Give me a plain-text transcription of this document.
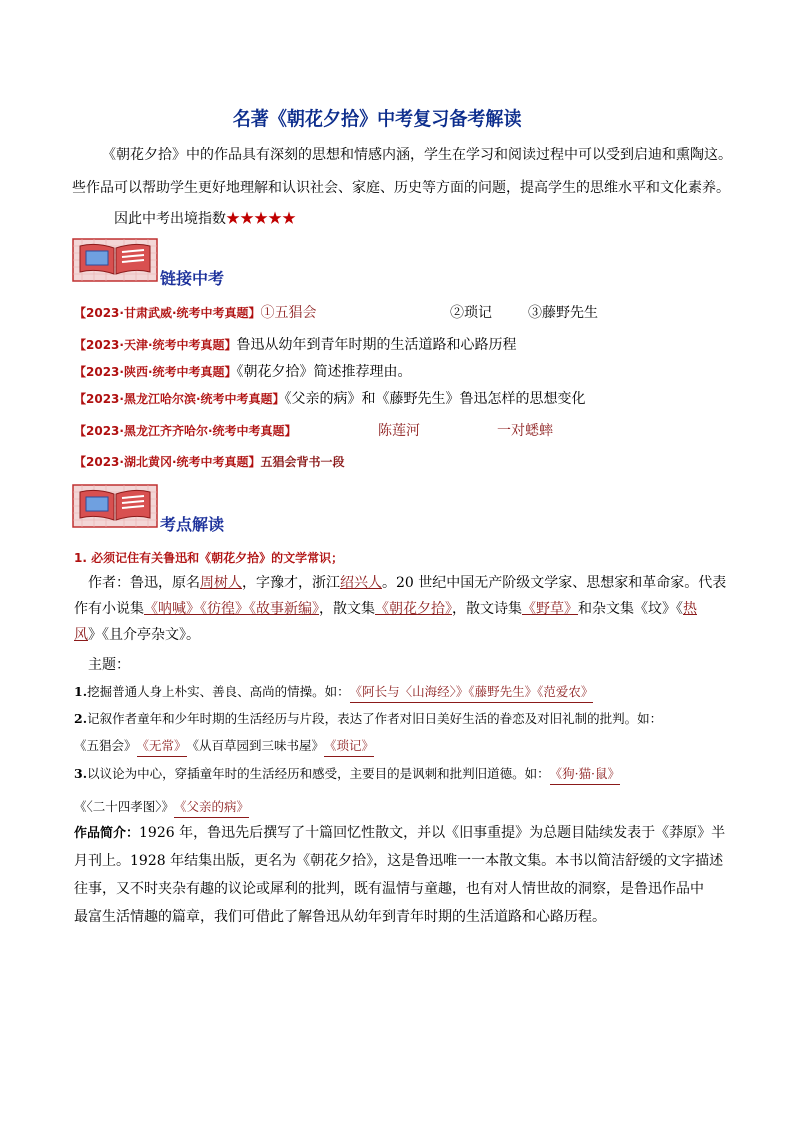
名著《朝花夕拾》中考复习备考解读
《朝花夕拾》中的作品具有深刻的思想和情感内涵，学生在学习和阅读过程中可以受到启迪和熏陶这。
些作品可以帮助学生更好地理解和认识社会、家庭、历史等方面的问题，提高学生的思维水平和文化素养。
因此中考出境指数★★★★★
链接中考
【2023·甘肃武威·统考中考真题】①五猖会	②琐记	③藤野先生
【2023·天津·统考中考真题】鲁迅从幼年到青年时期的生活道路和心路历程
【2023·陕西·统考中考真题】《朝花夕拾》简述推荐理由。
【2023·黑龙江哈尔滨·统考中考真题】《父亲的病》和《藤野先生》鲁迅怎样的思想变化
【2023·黑龙江齐齐哈尔·统考中考真题】	陈莲河	一对蟋蟀
【2023·湖北黄冈·统考中考真题】五猖会背书一段
考点解读
1. 必须记住有关鲁迅和《朝花夕拾》的文学常识；
作者：鲁迅，原名周树人，字豫才，浙江绍兴人。20 世纪中国无产阶级文学家、思想家和革命家。代表
作有小说集《呐喊》《彷徨》《故事新编》，散文集《朝花夕拾》，散文诗集《野草》和杂文集《坟》《热
风》《且介亭杂文》。
主题：
1.挖掘普通人身上朴实、善良、高尚的情操。如：《阿长与〈山海经〉》《藤野先生》《范爱农》
2.记叙作者童年和少年时期的生活经历与片段，表达了作者对旧日美好生活的眷恋及对旧礼制的批判。如：
《五猖会》《无常》《从百草园到三味书屋》《琐记》
3.以议论为中心，穿插童年时的生活经历和感受，主要目的是讽刺和批判旧道德。如：《狗·猫·鼠》
《〈二十四孝图〉》《父亲的病》
作品简介：1926 年，鲁迅先后撰写了十篇回忆性散文，并以《旧事重提》为总题目陆续发表于《莽原》半
月刊上。1928 年结集出版，更名为《朝花夕拾》，这是鲁迅唯一一本散文集。本书以简洁舒缓的文字描述
往事，又不时夹杂有趣的议论或犀利的批判，既有温情与童趣，也有对人情世故的洞察，是鲁迅作品中
最富生活情趣的篇章，我们可借此了解鲁迅从幼年到青年时期的生活道路和心路历程。
